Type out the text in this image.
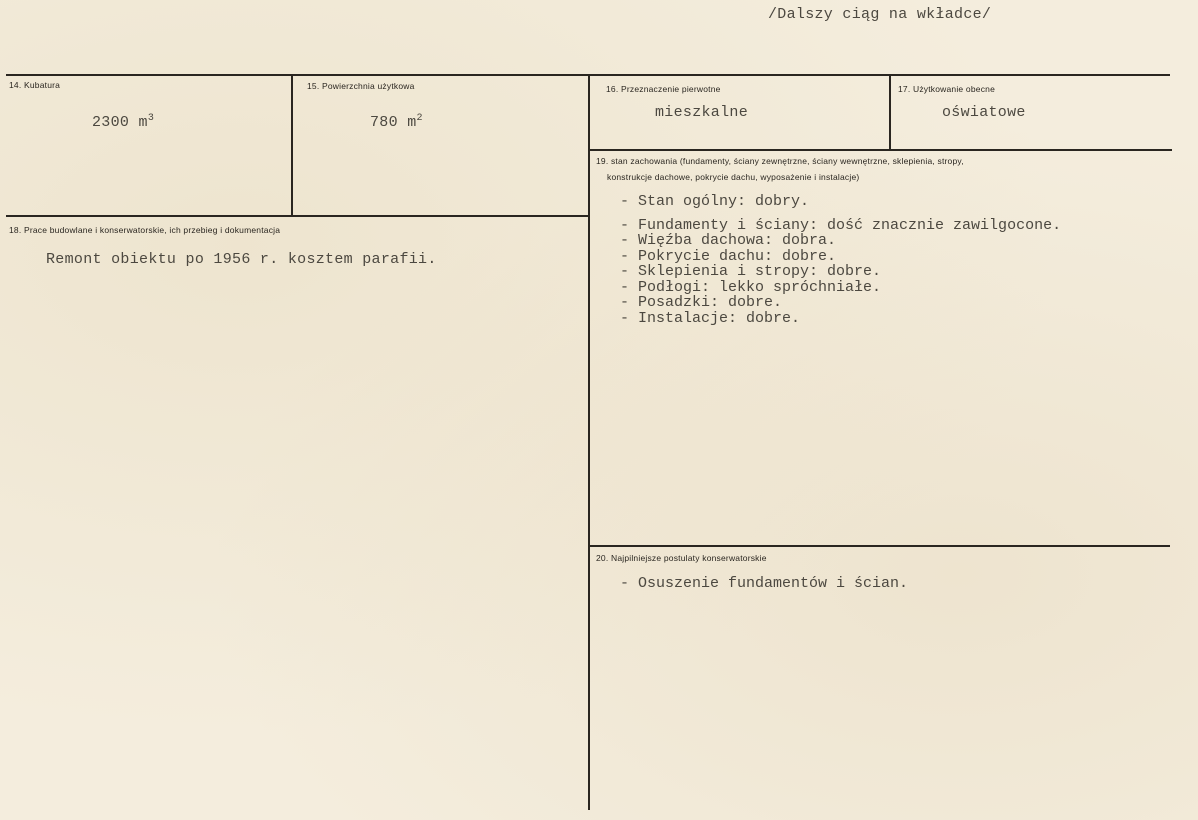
/Dalszy ciąg na wkładce/
14. Kubatura
2300 $m^3$
15. Powierzchnia użytkowa
780 $m^2$
16. Przeznaczenie pierwotne
mieszkalne
17. Użytkowanie obecne
oświatowe
18. Prace budowlane i konserwatorskie, ich przebieg i dokumentacja
Remont obiektu po 1956 r. kosztem parafii.
19. stan zachowania (fundamenty, ściany zewnętrzne, ściany wewnętrzne, sklepienia, stropy,
konstrukcje dachowe, pokrycie dachu, wyposażenie i instalacje)
- Stan ogólny: dobry.
- Fundamenty i ściany: dość znacznie zawilgocone.
- Więźba dachowa: dobra.
- Pokrycie dachu: dobre.
- Sklepienia i stropy: dobre.
- Podłogi: lekko spróchniałe.
- Posadzki: dobre.
- Instalacje: dobre.
20. Najpilniejsze postulaty konserwatorskie
- Osuszenie fundamentów i ścian.
